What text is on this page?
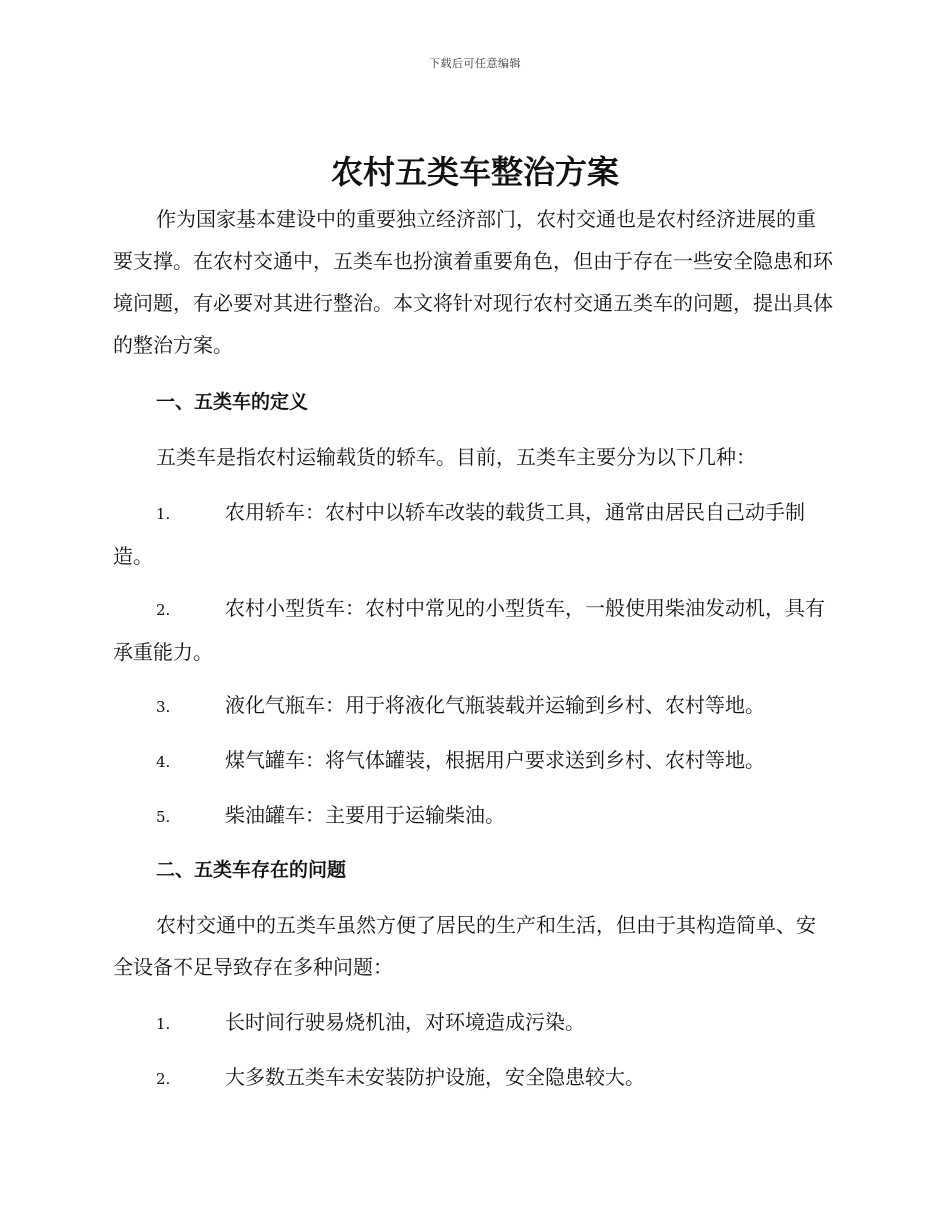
下载后可任意编辑
农村五类车整治方案

作为国家基本建设中的重要独立经济部门，农村交通也是农村经济进展的重要支撑。在农村交通中，五类车也扮演着重要角色，但由于存在一些安全隐患和环境问题，有必要对其进行整治。本文将针对现行农村交通五类车的问题，提出具体的整治方案。

一、五类车的定义

五类车是指农村运输载货的轿车。目前，五类车主要分为以下几种：

1.	农用轿车：农村中以轿车改装的载货工具，通常由居民自己动手制造。

2.	农村小型货车：农村中常见的小型货车，一般使用柴油发动机，具有承重能力。

3.	液化气瓶车：用于将液化气瓶装载并运输到乡村、农村等地。

4.	煤气罐车：将气体罐装，根据用户要求送到乡村、农村等地。

5.	柴油罐车：主要用于运输柴油。

二、五类车存在的问题

农村交通中的五类车虽然方便了居民的生产和生活，但由于其构造简单、安全设备不足导致存在多种问题：

1.	长时间行驶易烧机油，对环境造成污染。

2.	大多数五类车未安装防护设施，安全隐患较大。
